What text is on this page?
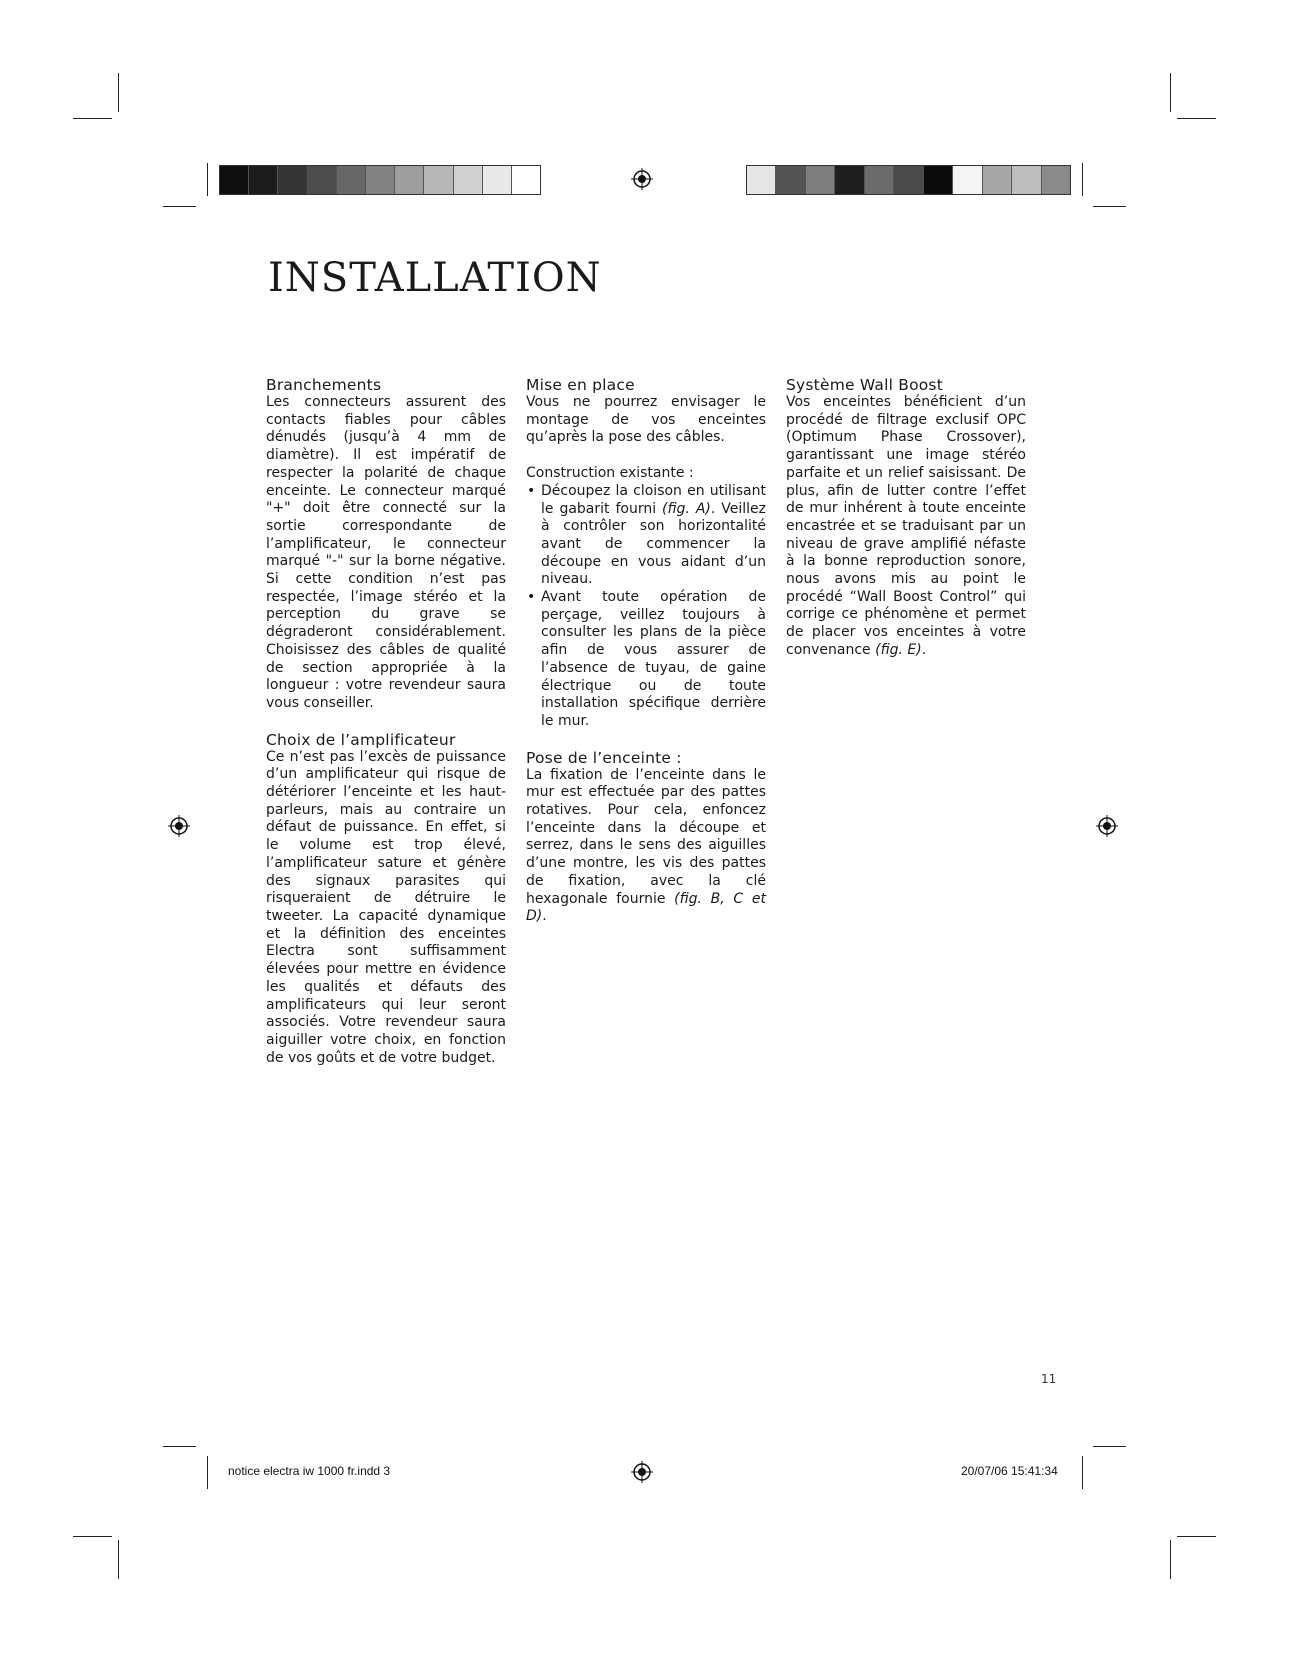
INSTALLATION
Branchements

Les connecteurs assurent des contacts fiables pour câbles dénudés (jusqu’à 4 mm de diamètre). Il est impératif de respecter la polarité de chaque enceinte. Le connecteur marqué "+" doit être connecté sur la sortie correspondante de l’amplificateur, le connecteur marqué "-" sur la borne négative. Si cette condition n’est pas respectée, l’image stéréo et la perception du grave se dégraderont considérablement. Choisissez des câbles de qualité de section appropriée à la longueur : votre revendeur saura vous conseiller.

Choix de l’amplificateur

Ce n’est pas l’excès de puissance d’un amplificateur qui risque de détériorer l’enceinte et les haut-parleurs, mais au contraire un défaut de puissance. En effet, si le volume est trop élevé, l’amplificateur sature et génère des signaux parasites qui risqueraient de détruire le tweeter. La capacité dynamique et la définition des enceintes Electra sont suffisamment élevées pour mettre en évidence les qualités et défauts des amplificateurs qui leur seront associés. Votre revendeur saura aiguiller votre choix, en fonction de vos goûts et de votre budget.

Mise en place

Vous ne pourrez envisager le montage de vos enceintes qu’après la pose des câbles.

Construction existante :

• Découpez la cloison en utilisant le gabarit fourni (fig. A). Veillez à contrôler son horizontalité avant de commencer la découpe en vous aidant d’un niveau.
• Avant toute opération de perçage, veillez toujours à consulter les plans de la pièce afin de vous assurer de l’absence de tuyau, de gaine électrique ou de toute installation spécifique derrière le mur.
Pose de l’enceinte :

La fixation de l’enceinte dans le mur est effectuée par des pattes rotatives. Pour cela, enfoncez l’enceinte dans la découpe et serrez, dans le sens des aiguilles d’une montre, les vis des pattes de fixation, avec la clé hexagonale fournie (fig. B, C et D).

Système Wall Boost

Vos enceintes bénéficient d’un procédé de filtrage exclusif OPC (Optimum Phase Crossover), garantissant une image stéréo parfaite et un relief saisissant. De plus, afin de lutter contre l’effet de mur inhérent à toute enceinte encastrée et se traduisant par un niveau de grave amplifié néfaste à la bonne reproduction sonore, nous avons mis au point le procédé “Wall Boost Control” qui corrige ce phénomène et permet de placer vos enceintes à votre convenance (fig. E).

11
notice electra iw 1000 fr.indd 3	20/07/06 15:41:34
